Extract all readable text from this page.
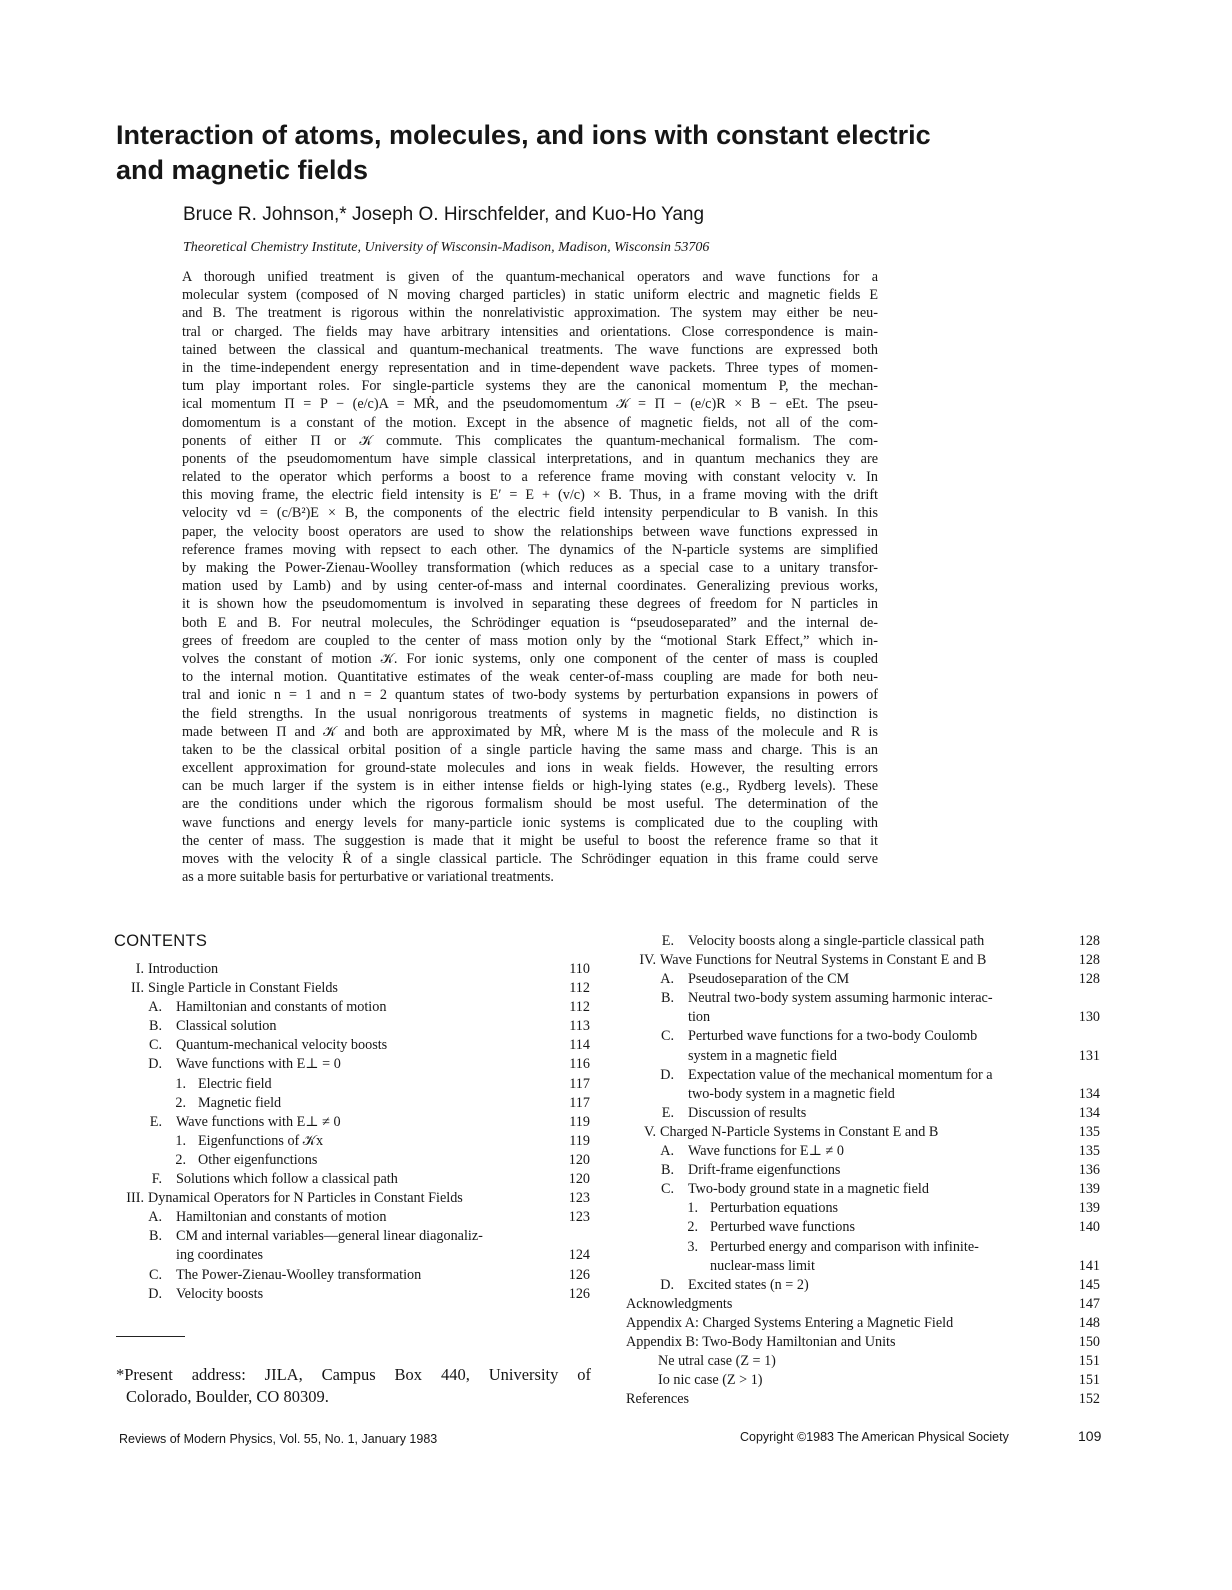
Interaction of atoms, molecules, and ions with constant electric
and magnetic fields
Bruce R. Johnson,* Joseph O. Hirschfelder, and Kuo-Ho Yang
Theoretical Chemistry Institute, University of Wisconsin-Madison, Madison, Wisconsin 53706
A thorough unified treatment is given of the quantum-mechanical operators and wave functions for a
molecular system (composed of N moving charged particles) in static uniform electric and magnetic fields E
and B. The treatment is rigorous within the nonrelativistic approximation. The system may either be neu-
tral or charged. The fields may have arbitrary intensities and orientations. Close correspondence is main-
tained between the classical and quantum-mechanical treatments. The wave functions are expressed both
in the time-independent energy representation and in time-dependent wave packets. Three types of momen-
tum play important roles. For single-particle systems they are the canonical momentum P, the mechan-
ical momentum Π = P − (e/c)A = MṘ, and the pseudomomentum 𝒦 = Π − (e/c)R × B − eEt. The pseu-
domomentum is a constant of the motion. Except in the absence of magnetic fields, not all of the com-
ponents of either Π or 𝒦 commute. This complicates the quantum-mechanical formalism. The com-
ponents of the pseudomomentum have simple classical interpretations, and in quantum mechanics they are
related to the operator which performs a boost to a reference frame moving with constant velocity v. In
this moving frame, the electric field intensity is E′ = E + (v/c) × B. Thus, in a frame moving with the drift
velocity vd = (c/B²)E × B, the components of the electric field intensity perpendicular to B vanish. In this
paper, the velocity boost operators are used to show the relationships between wave functions expressed in
reference frames moving with repsect to each other. The dynamics of the N-particle systems are simplified
by making the Power-Zienau-Woolley transformation (which reduces as a special case to a unitary transfor-
mation used by Lamb) and by using center-of-mass and internal coordinates. Generalizing previous works,
it is shown how the pseudomomentum is involved in separating these degrees of freedom for N particles in
both E and B. For neutral molecules, the Schrödinger equation is “pseudoseparated” and the internal de-
grees of freedom are coupled to the center of mass motion only by the “motional Stark Effect,” which in-
volves the constant of motion 𝒦. For ionic systems, only one component of the center of mass is coupled
to the internal motion. Quantitative estimates of the weak center-of-mass coupling are made for both neu-
tral and ionic n = 1 and n = 2 quantum states of two-body systems by perturbation expansions in powers of
the field strengths. In the usual nonrigorous treatments of systems in magnetic fields, no distinction is
made between Π and 𝒦 and both are approximated by MṘ, where M is the mass of the molecule and R is
taken to be the classical orbital position of a single particle having the same mass and charge. This is an
excellent approximation for ground-state molecules and ions in weak fields. However, the resulting errors
can be much larger if the system is in either intense fields or high-lying states (e.g., Rydberg levels). These
are the conditions under which the rigorous formalism should be most useful. The determination of the
wave functions and energy levels for many-particle ionic systems is complicated due to the coupling with
the center of mass. The suggestion is made that it might be useful to boost the reference frame so that it
moves with the velocity Ṙ of a single classical particle. The Schrödinger equation in this frame could serve
as a more suitable basis for perturbative or variational treatments.
CONTENTS
I. Introduction	110
II. Single Particle in Constant Fields	112
A. Hamiltonian and constants of motion	112
B. Classical solution	113
C. Quantum-mechanical velocity boosts	114
D. Wave functions with E⊥ = 0	116
1. Electric field	117
2. Magnetic field	117
E. Wave functions with E⊥ ≠ 0	119
1. Eigenfunctions of 𝒦x	119
2. Other eigenfunctions	120
F. Solutions which follow a classical path	120
III. Dynamical Operators for N Particles in Constant Fields	123
A. Hamiltonian and constants of motion	123
B. CM and internal variables—general linear diagonaliz-
ing coordinates	124
C. The Power-Zienau-Woolley transformation	126
D. Velocity boosts	126
E. Velocity boosts along a single-particle classical path	128
IV. Wave Functions for Neutral Systems in Constant E and B	128
A. Pseudoseparation of the CM	128
B. Neutral two-body system assuming harmonic interac-
tion	130
C. Perturbed wave functions for a two-body Coulomb
system in a magnetic field	131
D. Expectation value of the mechanical momentum for a
two-body system in a magnetic field	134
E. Discussion of results	134
V. Charged N-Particle Systems in Constant E and B	135
A. Wave functions for E⊥ ≠ 0	135
B. Drift-frame eigenfunctions	136
C. Two-body ground state in a magnetic field	139
1. Perturbation equations	139
2. Perturbed wave functions	140
3. Perturbed energy and comparison with infinite-
nuclear-mass limit	141
D. Excited states (n = 2)	145
Acknowledgments	147
Appendix A: Charged Systems Entering a Magnetic Field	148
Appendix B: Two-Body Hamiltonian and Units	150
Ne utral case (Z = 1)	151
Io nic case (Z > 1)	151
References	152
*Present address: JILA, Campus Box 440, University of
Colorado, Boulder, CO 80309.
Reviews of Modern Physics, Vol. 55, No. 1, January 1983	Copyright ©1983 The American Physical Society	109
